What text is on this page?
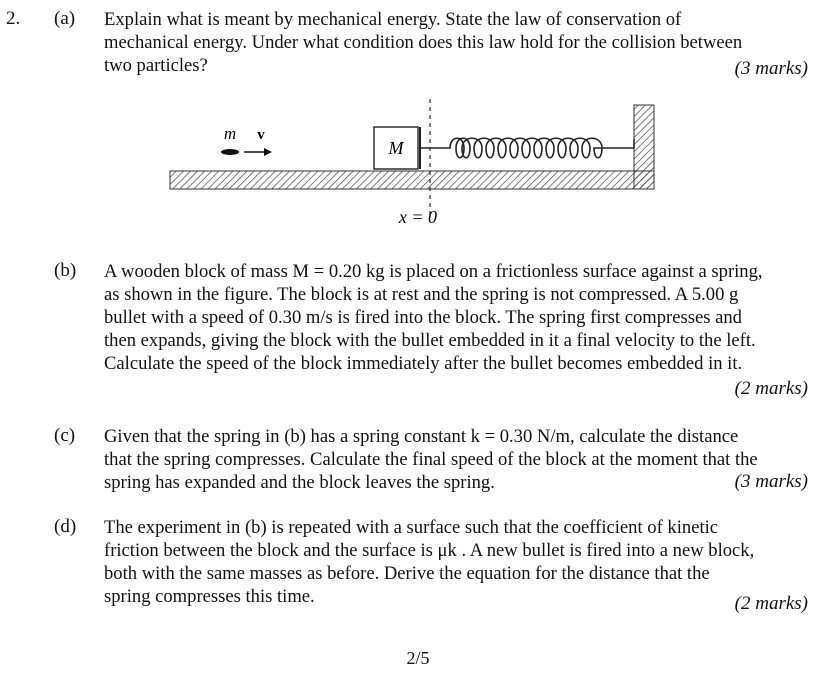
2. (a) Explain what is meant by mechanical energy. State the law of conservation of
mechanical energy. Under what condition does this law hold for the collision between
two particles?	(3 marks)
M
m v
x = 0
(b) A wooden block of mass M = 0.20 kg is placed on a frictionless surface against a spring,
as shown in the figure. The block is at rest and the spring is not compressed. A 5.00 g
bullet with a speed of 0.30 m/s is fired into the block. The spring first compresses and
then expands, giving the block with the bullet embedded in it a final velocity to the left.
Calculate the speed of the block immediately after the bullet becomes embedded in it.
(2 marks)
(c) Given that the spring in (b) has a spring constant k = 0.30 N/m, calculate the distance
that the spring compresses. Calculate the final speed of the block at the moment that the
spring has expanded and the block leaves the spring.	(3 marks)
(d) The experiment in (b) is repeated with a surface such that the coefficient of kinetic
friction between the block and the surface is μk . A new bullet is fired into a new block,
both with the same masses as before. Derive the equation for the distance that the
spring compresses this time.	(2 marks)
2/5
